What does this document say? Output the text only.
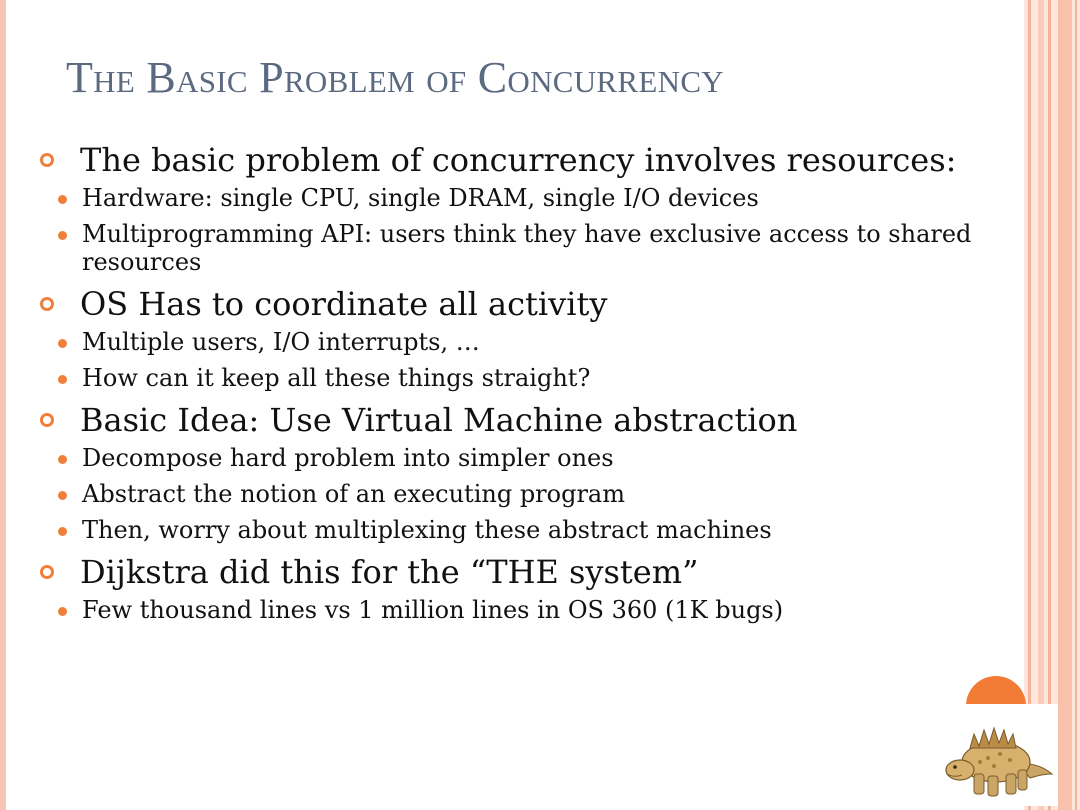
The Basic Problem of Concurrency
The basic problem of concurrency involves resources:
Hardware: single CPU, single DRAM, single I/O devices
Multiprogramming API: users think they have exclusive access to shared resources
OS Has to coordinate all activity
Multiple users, I/O interrupts, …
How can it keep all these things straight?
Basic Idea: Use Virtual Machine abstraction
Decompose hard problem into simpler ones
Abstract the notion of an executing program
Then, worry about multiplexing these abstract machines
Dijkstra did this for the “THE system”
Few thousand lines vs 1 million lines in OS 360 (1K bugs)
